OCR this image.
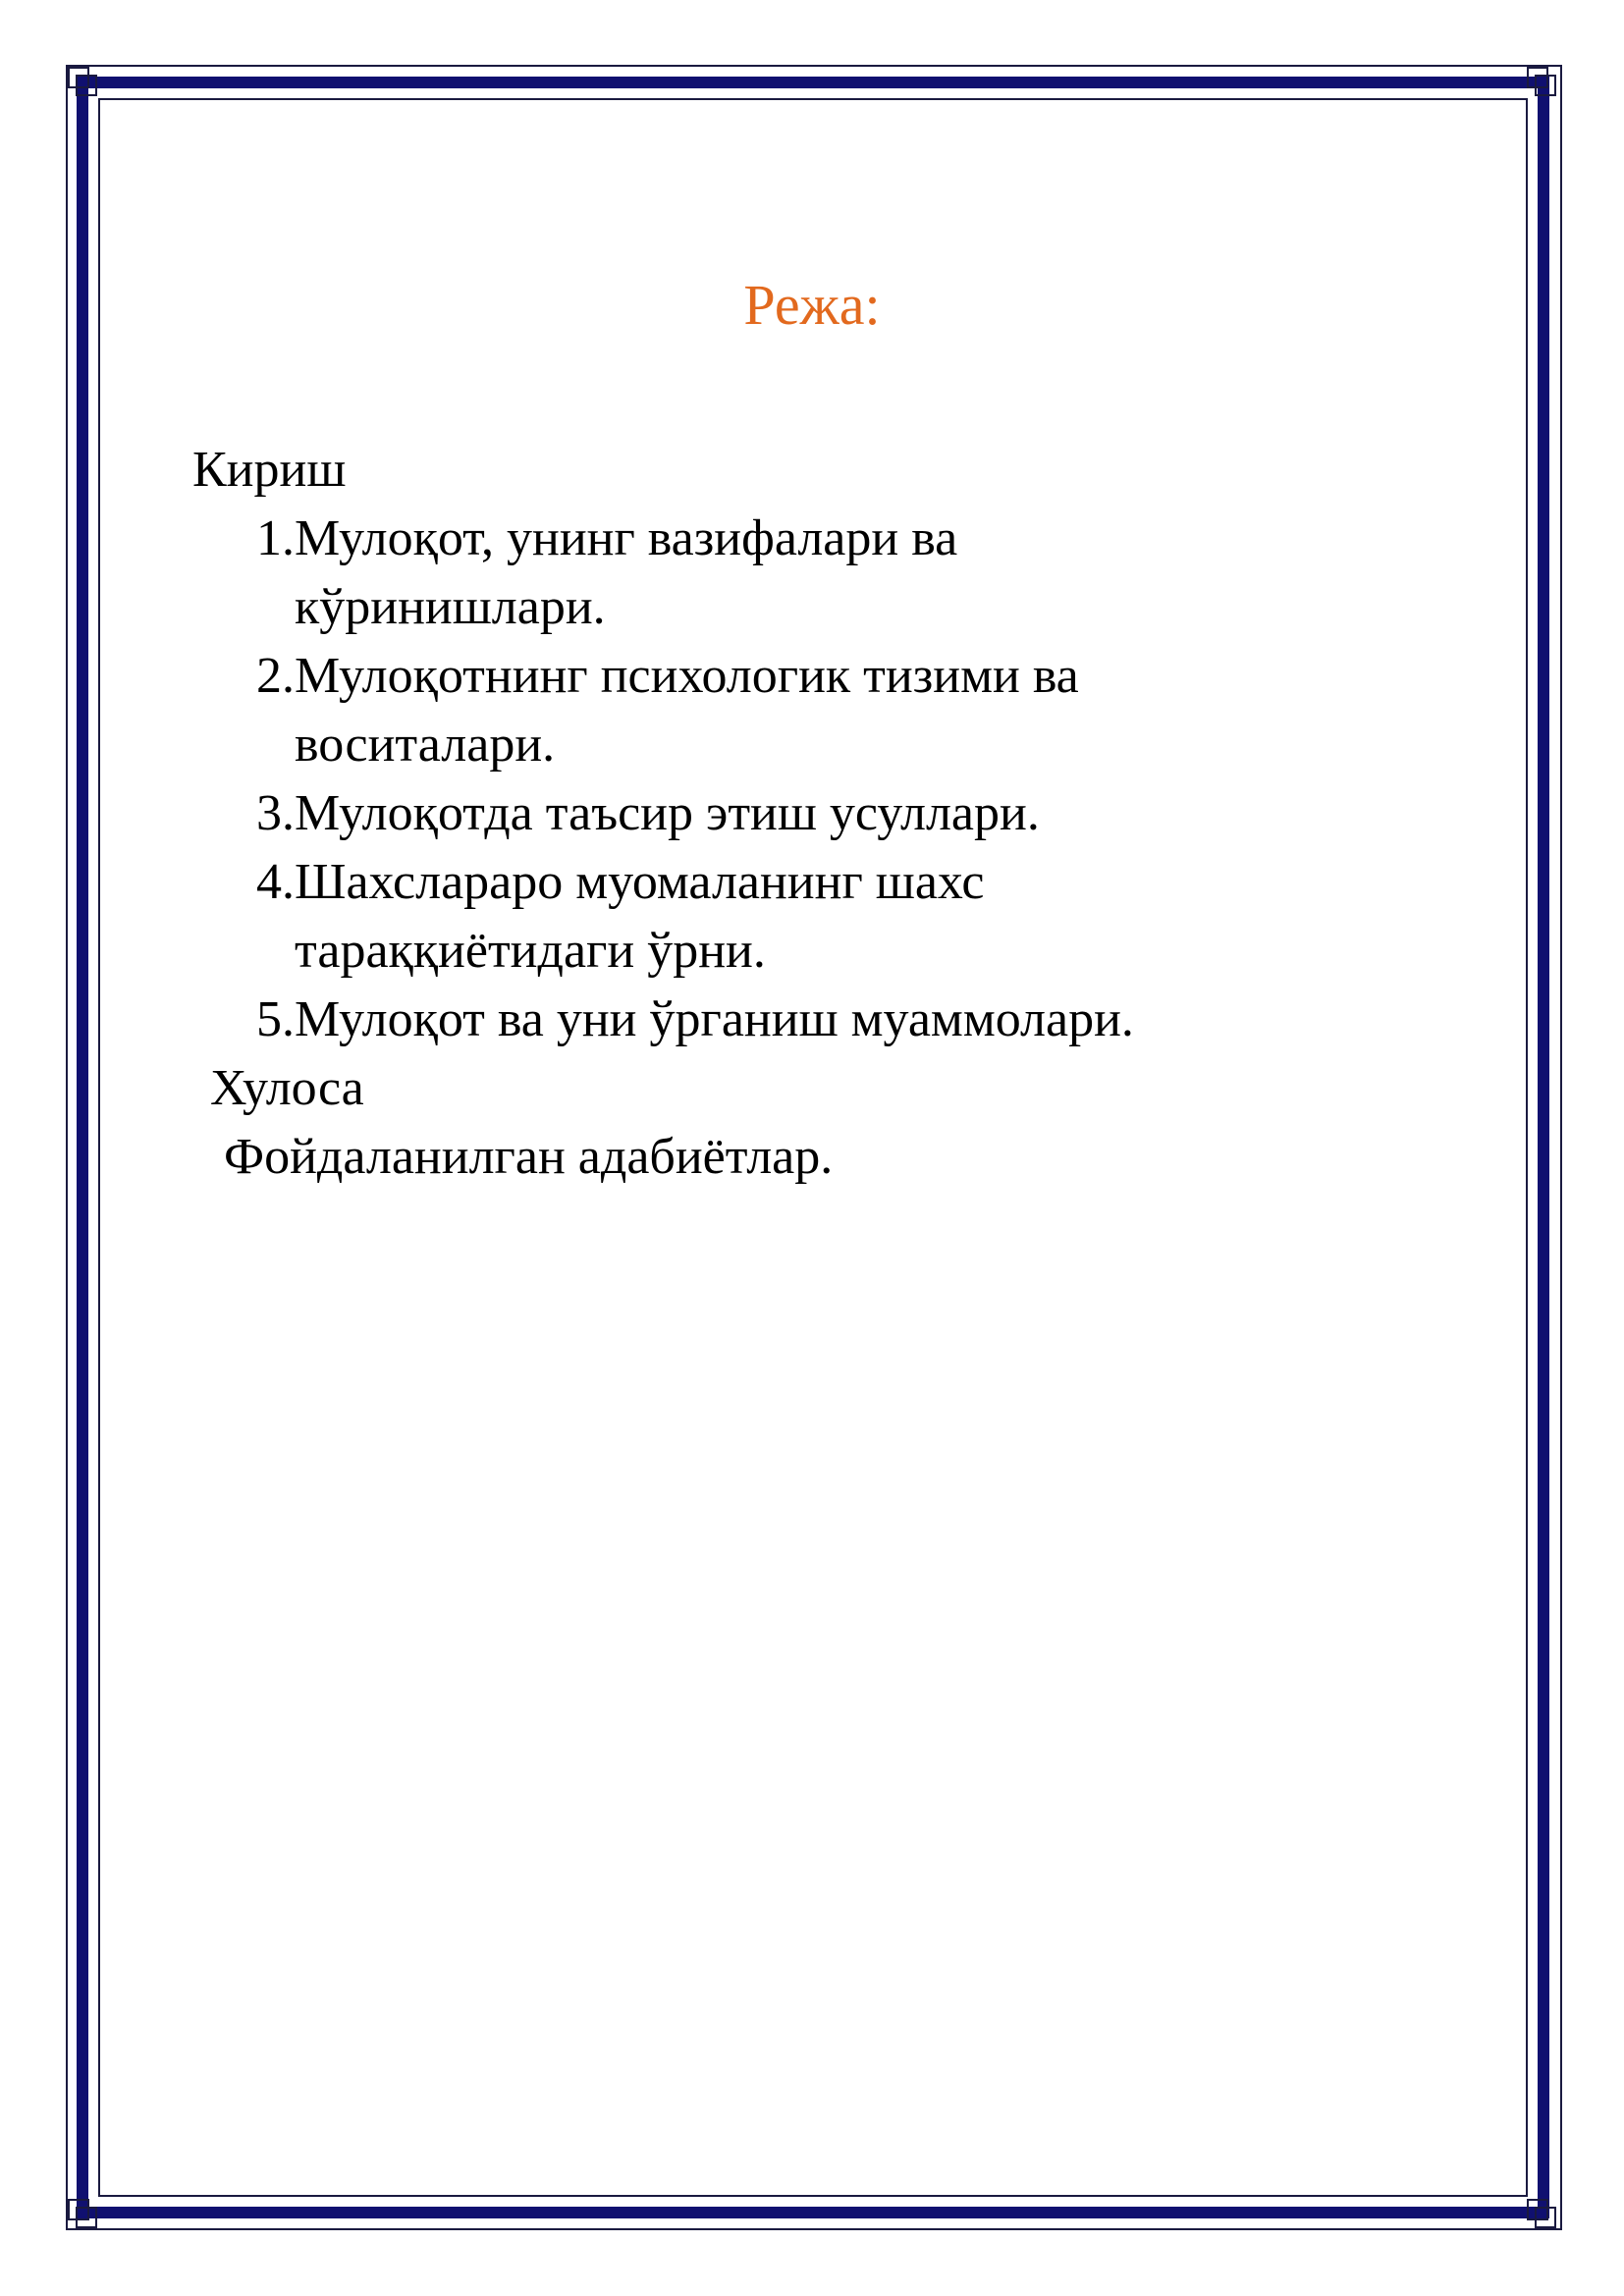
Режа:

Кириш

1. Мулоқот, унинг вазифалари ва кўринишлари.
2. Мулоқотнинг психологик тизими ва воситалари.
3. Мулоқотда таъсир этиш усуллари.
4. Шахслараро муомаланинг шахс тараққиётидаги ўрни.
5. Мулоқот ва уни ўрганиш муаммолари.

Хулоса

Фойдаланилган адабиётлар.
